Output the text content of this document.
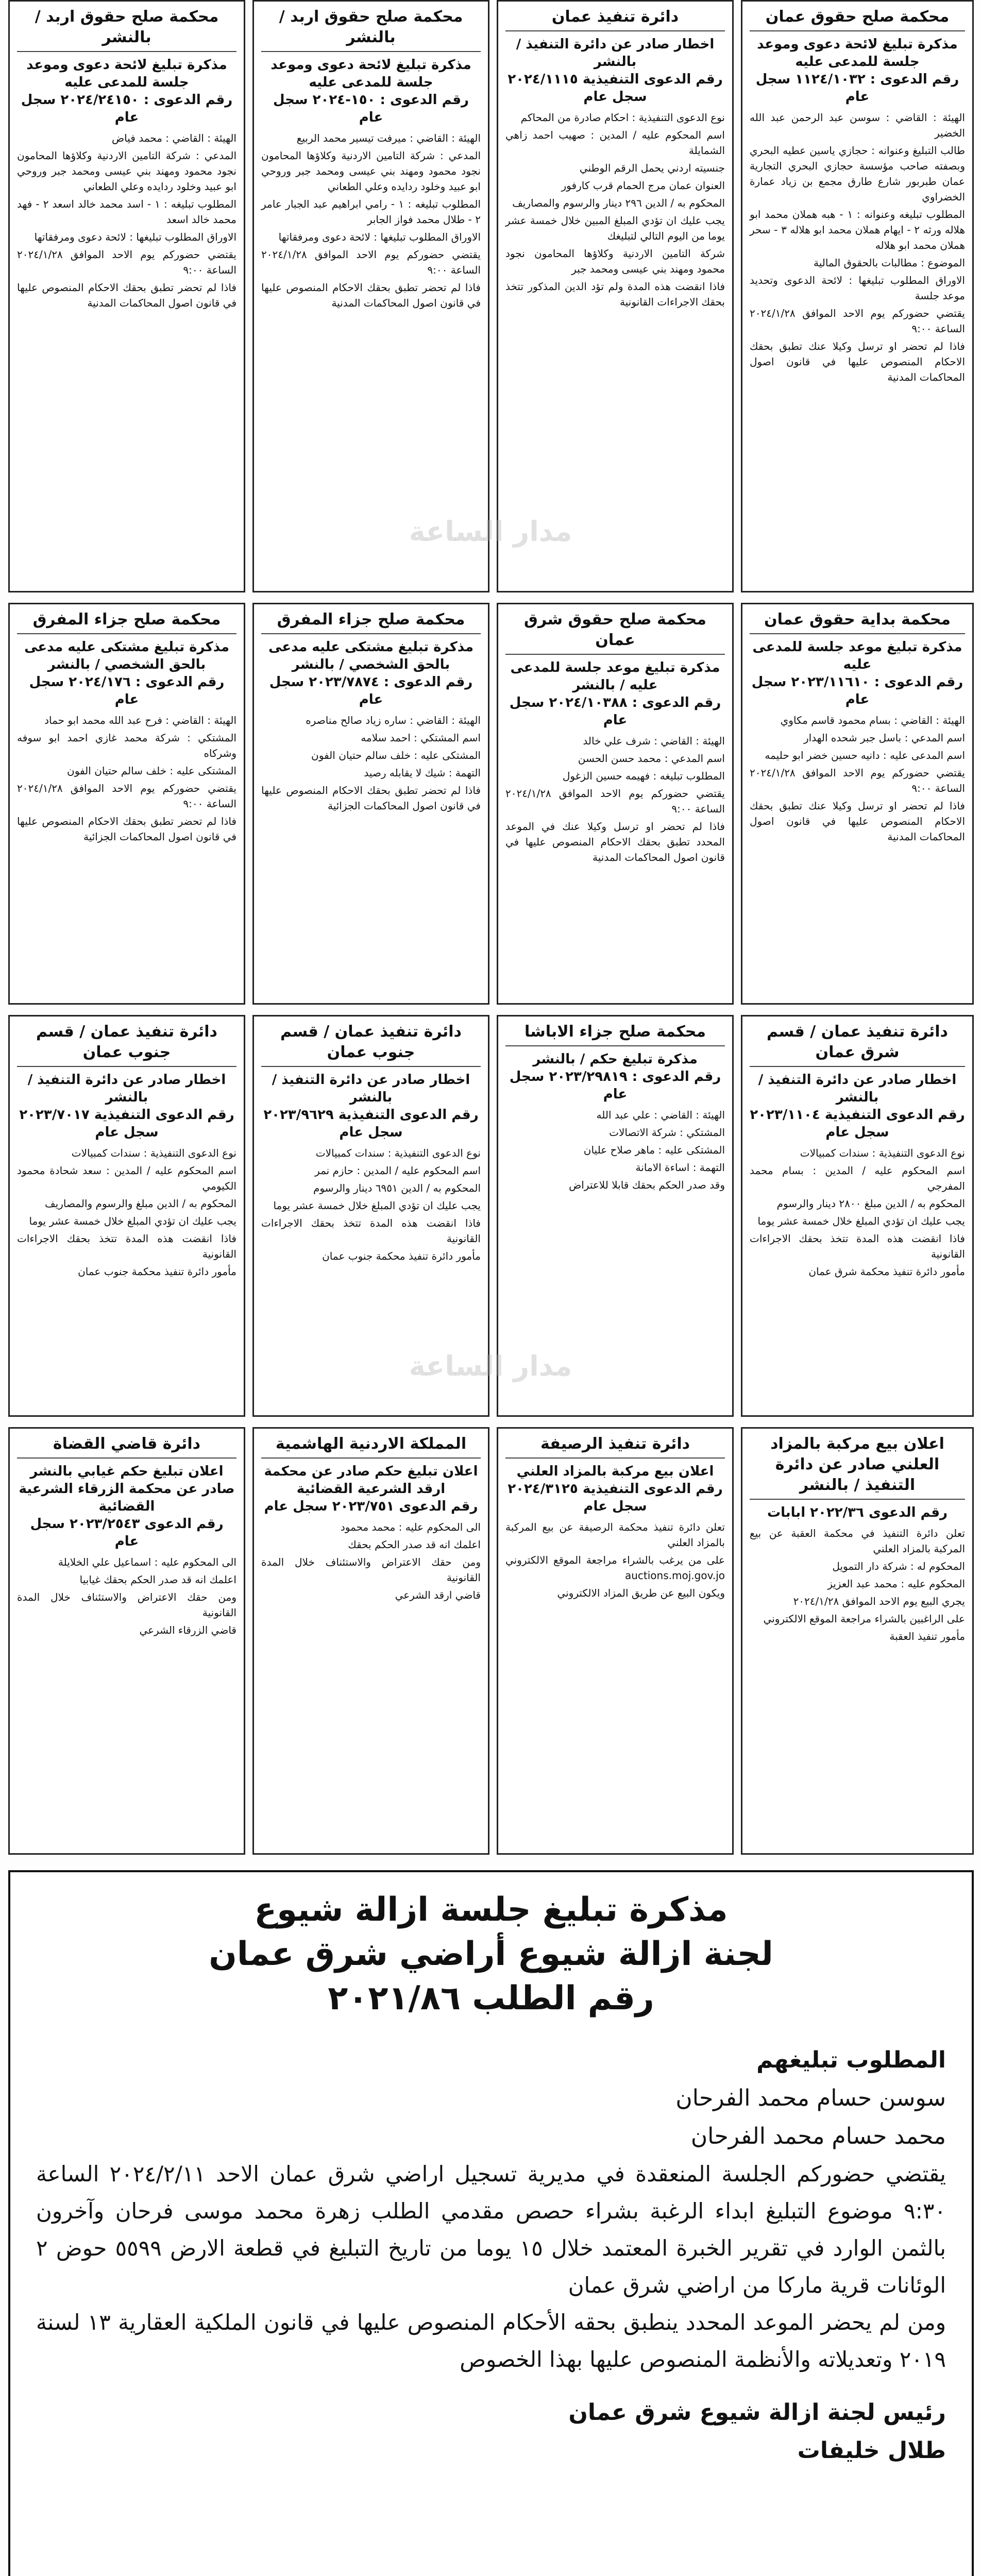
محكمة صلح حقوق عمان
مذكرة تبليغ لائحة دعوى وموعد جلسة للمدعى عليه
رقم الدعوى : ١١٢٤/١٠٣٢ سجل عام

الهيئة : القاضي : سوسن عبد الرحمن عبد الله الخضير

طالب التبليغ وعنوانه : حجازي ياسين عطيه البحري وبصفته صاحب مؤسسة حجازي البحري التجارية عمان طبربور شارع طارق مجمع بن زياد عمارة الخضراوي

المطلوب تبليغه وعنوانه : ١ - هبه هملان محمد ابو هلاله ورثه ٢ - ايهام هملان محمد ابو هلاله ٣ - سحر هملان محمد ابو هلاله

الموضوع : مطالبات بالحقوق المالية

الاوراق المطلوب تبليغها : لائحة الدعوى وتحديد موعد جلسة

يقتضي حضوركم يوم الاحد الموافق ٢٠٢٤/١/٢٨ الساعة ٩:٠٠

فاذا لم تحضر او ترسل وكيلا عنك تطبق بحقك الاحكام المنصوص عليها في قانون اصول المحاكمات المدنية

محكمة بداية حقوق عمان
مذكرة تبليغ موعد جلسة للمدعى عليه
رقم الدعوى : ٢٠٢٣/١١٦١٠ سجل عام

الهيئة : القاضي : بسام محمود قاسم مكاوي

اسم المدعي : باسل جبر شحده الهدار

اسم المدعى عليه : دانيه حسين خضر ابو حليمه

يقتضي حضوركم يوم الاحد الموافق ٢٠٢٤/١/٢٨ الساعة ٩:٠٠

فاذا لم تحضر او ترسل وكيلا عنك تطبق بحقك الاحكام المنصوص عليها في قانون اصول المحاكمات المدنية

دائرة تنفيذ عمان / قسم شرق عمان
اخطار صادر عن دائرة التنفيذ / بالنشر
رقم الدعوى التنفيذية ٢٠٢٣/١١٠٤ سجل عام

نوع الدعوى التنفيذية : سندات كمبيالات

اسم المحكوم عليه / المدين : بسام محمد المفرجي

المحكوم به / الدين مبلغ ٢٨٠٠ دينار والرسوم

يجب عليك ان تؤدي المبلغ خلال خمسة عشر يوما

فاذا انقضت هذه المدة تتخذ بحقك الاجراءات القانونية

مأمور دائرة تنفيذ محكمة شرق عمان

اعلان بيع مركبة بالمزاد العلني صادر عن دائرة التنفيذ / بالنشر
رقم الدعوى ٢٠٢٢/٣٦ ابابات

تعلن دائرة التنفيذ في محكمة العقبة عن بيع المركبة بالمزاد العلني

المحكوم له : شركة دار التمويل

المحكوم عليه : محمد عبد العزيز

يجري البيع يوم الاحد الموافق ٢٠٢٤/١/٢٨

على الراغبين بالشراء مراجعة الموقع الالكتروني

مأمور تنفيذ العقبة

دائرة تنفيذ عمان
اخطار صادر عن دائرة التنفيذ / بالنشر
رقم الدعوى التنفيذية ٢٠٢٤/١١١٥ سجل عام

نوع الدعوى التنفيذية : احكام صادرة من المحاكم

اسم المحكوم عليه / المدين : صهيب احمد زاهي الشمايلة

جنسيته اردني يحمل الرقم الوطني

العنوان عمان مرج الحمام قرب كارفور

المحكوم به / الدين ٢٩٦ دينار والرسوم والمصاريف

يجب عليك ان تؤدي المبلغ المبين خلال خمسة عشر يوما من اليوم التالي لتبليغك

شركة التامين الاردنية وكلاؤها المحامون نجود محمود ومهند بني عيسى ومحمد جبر

فاذا انقضت هذه المدة ولم تؤد الدين المذكور تتخذ بحقك الاجراءات القانونية

محكمة صلح حقوق شرق عمان
مذكرة تبليغ موعد جلسة للمدعى عليه / بالنشر
رقم الدعوى : ٢٠٢٤/١٠٣٨٨ سجل عام

الهيئة : القاضي : شرف علي خالد

اسم المدعي : محمد حسن الحسن

المطلوب تبليغه : فهيمه حسين الزغول

يقتضي حضوركم يوم الاحد الموافق ٢٠٢٤/١/٢٨ الساعة ٩:٠٠

فاذا لم تحضر او ترسل وكيلا عنك في الموعد المحدد تطبق بحقك الاحكام المنصوص عليها في قانون اصول المحاكمات المدنية

محكمة صلح جزاء الاباشا
مذكرة تبليغ حكم / بالنشر
رقم الدعوى : ٢٠٢٣/٢٩٨١٩ سجل عام

الهيئة : القاضي : علي عبد الله

المشتكي : شركة الاتصالات

المشتكى عليه : ماهر صلاح عليان

التهمة : اساءة الامانة

وقد صدر الحكم بحقك قابلا للاعتراض

دائرة تنفيذ الرصيفة
اعلان بيع مركبة بالمزاد العلني
رقم الدعوى التنفيذية ٢٠٢٤/٣١٢٥ سجل عام

تعلن دائرة تنفيذ محكمة الرصيفة عن بيع المركبة بالمزاد العلني

على من يرغب بالشراء مراجعة الموقع الالكتروني auctions.moj.gov.jo

ويكون البيع عن طريق المزاد الالكتروني

محكمة صلح حقوق اربد / بالنشر
مذكرة تبليغ لائحة دعوى وموعد جلسة للمدعى عليه
رقم الدعوى : ١٥٠-٢٠٢٤ سجل عام

الهيئة : القاضي : ميرفت تيسير محمد الربيع

المدعي : شركة التامين الاردنية وكلاؤها المحامون نجود محمود ومهند بني عيسى ومحمد جبر وروحي ابو عبيد وخلود ردايده وعلي الطعاني

المطلوب تبليغه : ١ - رامي ابراهيم عبد الجبار عامر ٢ - طلال محمد فواز الجابر

الاوراق المطلوب تبليغها : لائحة دعوى ومرفقاتها

يقتضي حضوركم يوم الاحد الموافق ٢٠٢٤/١/٢٨ الساعة ٩:٠٠

فاذا لم تحضر تطبق بحقك الاحكام المنصوص عليها في قانون اصول المحاكمات المدنية

محكمة صلح جزاء المفرق
مذكرة تبليغ مشتكى عليه مدعى بالحق الشخصي / بالنشر
رقم الدعوى : ٢٠٢٣/٧٨٧٤ سجل عام

الهيئة : القاضي : ساره زياد صالح مناصره

اسم المشتكي : احمد سلامه

المشتكى عليه : خلف سالم حتيان الفون

التهمة : شيك لا يقابله رصيد

فاذا لم تحضر تطبق بحقك الاحكام المنصوص عليها في قانون اصول المحاكمات الجزائية

دائرة تنفيذ عمان / قسم جنوب عمان
اخطار صادر عن دائرة التنفيذ / بالنشر
رقم الدعوى التنفيذية ٢٠٢٣/٩٦٢٩ سجل عام

نوع الدعوى التنفيذية : سندات كمبيالات

اسم المحكوم عليه / المدين : حازم نمر

المحكوم به / الدين ٦٩٥١ دينار والرسوم

يجب عليك ان تؤدي المبلغ خلال خمسة عشر يوما

فاذا انقضت هذه المدة تتخذ بحقك الاجراءات القانونية

مأمور دائرة تنفيذ محكمة جنوب عمان

المملكة الاردنية الهاشمية
اعلان تبليغ حكم صادر عن محكمة ارقد الشرعية القضائية
رقم الدعوى ٢٠٢٣/٧٥١ سجل عام

الى المحكوم عليه : محمد محمود

اعلمك انه قد صدر الحكم بحقك

ومن حقك الاعتراض والاستئناف خلال المدة القانونية

قاضي ارقد الشرعي

محكمة صلح حقوق اربد / بالنشر
مذكرة تبليغ لائحة دعوى وموعد جلسة للمدعى عليه
رقم الدعوى : ٢٠٢٤/٢٤١٥٠ سجل عام

الهيئة : القاضي : محمد فياض

المدعي : شركة التامين الاردنية وكلاؤها المحامون نجود محمود ومهند بني عيسى ومحمد جبر وروحي ابو عبيد وخلود ردايده وعلي الطعاني

المطلوب تبليغه : ١ - اسد محمد خالد اسعد ٢ - فهد محمد خالد اسعد

الاوراق المطلوب تبليغها : لائحة دعوى ومرفقاتها

يقتضي حضوركم يوم الاحد الموافق ٢٠٢٤/١/٢٨ الساعة ٩:٠٠

فاذا لم تحضر تطبق بحقك الاحكام المنصوص عليها في قانون اصول المحاكمات المدنية

محكمة صلح جزاء المفرق
مذكرة تبليغ مشتكى عليه مدعى بالحق الشخصي / بالنشر
رقم الدعوى : ٢٠٢٤/١٧٦ سجل عام

الهيئة : القاضي : فرح عبد الله محمد ابو حماد

المشتكي : شركة محمد غازي احمد ابو سوفه وشركاه

المشتكى عليه : خلف سالم حتيان الفون

يقتضي حضوركم يوم الاحد الموافق ٢٠٢٤/١/٢٨ الساعة ٩:٠٠

فاذا لم تحضر تطبق بحقك الاحكام المنصوص عليها في قانون اصول المحاكمات الجزائية

دائرة تنفيذ عمان / قسم جنوب عمان
اخطار صادر عن دائرة التنفيذ / بالنشر
رقم الدعوى التنفيذية ٢٠٢٣/٧٠١٧ سجل عام

نوع الدعوى التنفيذية : سندات كمبيالات

اسم المحكوم عليه / المدين : سعد شحادة محمود الكيومي

المحكوم به / الدين مبلغ والرسوم والمصاريف

يجب عليك ان تؤدي المبلغ خلال خمسة عشر يوما

فاذا انقضت هذه المدة تتخذ بحقك الاجراءات القانونية

مأمور دائرة تنفيذ محكمة جنوب عمان

دائرة قاضي القضاة
اعلان تبليغ حكم غيابي بالنشر صادر عن محكمة الزرقاء الشرعية القضائية
رقم الدعوى ٢٠٢٣/٢٥٤٣ سجل عام

الى المحكوم عليه : اسماعيل علي الخلايلة

اعلمك انه قد صدر الحكم بحقك غيابيا

ومن حقك الاعتراض والاستئناف خلال المدة القانونية

قاضي الزرقاء الشرعي

مدار الساعة
مدار الساعة
مذكرة تبليغ جلسة ازالة شيوع
لجنة ازالة شيوع أراضي شرق عمان
رقم الطلب ٢٠٢١/٨٦
المطلوب تبليغهم
سوسن حسام محمد الفرحان
محمد حسام محمد الفرحان
يقتضي حضوركم الجلسة المنعقدة في مديرية تسجيل اراضي شرق عمان الاحد ٢٠٢٤/٢/١١ الساعة ٩:٣٠ موضوع التبليغ ابداء الرغبة بشراء حصص مقدمي الطلب زهرة محمد موسى فرحان وآخرون بالثمن الوارد في تقرير الخبرة المعتمد خلال ١٥ يوما من تاريخ التبليغ في قطعة الارض ٥٥٩٩ حوض ٢ الوئانات قرية ماركا من اراضي شرق عمان
ومن لم يحضر الموعد المحدد ينطبق بحقه الأحكام المنصوص عليها في قانون الملكية العقارية ١٣ لسنة ٢٠١٩ وتعديلاته والأنظمة المنصوص عليها بهذا الخصوص
رئيس لجنة ازالة شيوع شرق عمان
طلال خليفات
